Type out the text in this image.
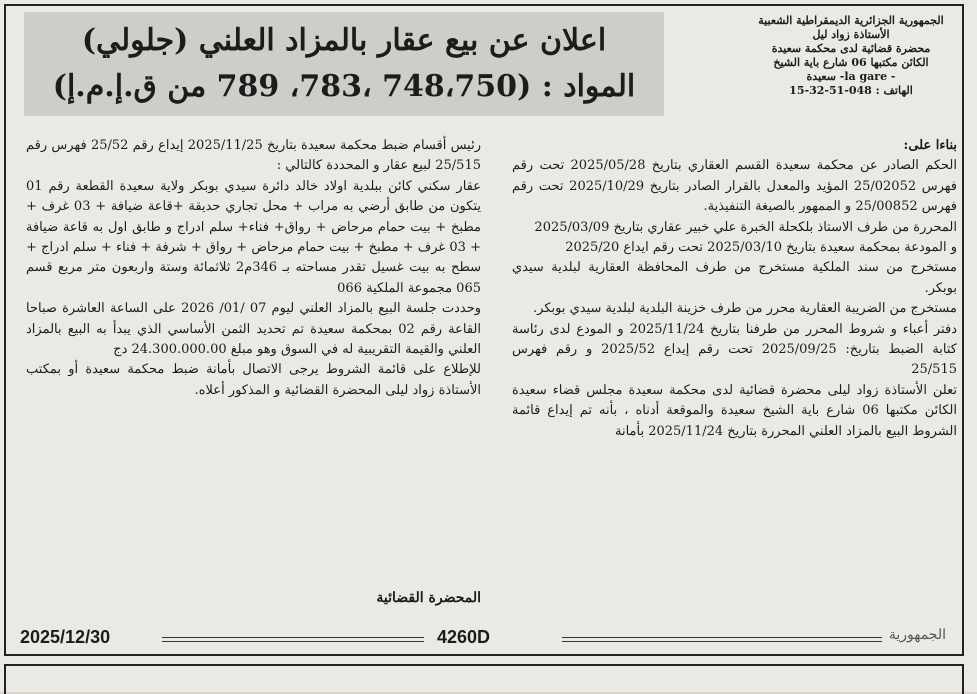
الجمهورية الجزائرية الديمقراطية الشعبية
الأستاذة زواد ليل
محضرة قضائية لدى محكمة سعيدة
الكائن مكتبها 06 شارع باية الشيخ
- la gare- سعيدة
الهاتف : 048-51-32-15
اعلان عن بيع عقار بالمزاد العلني (جلولي)
المواد : (748،750 ،783، 789 من ق.إ.م.إ)

بناءا على:

الحكم الصادر عن محكمة سعيدة القسم العقاري بتاريخ 2025/05/28 تحت رقم فهرس 25/02052 المؤيد والمعدل بالقرار الصادر بتاريخ 2025/10/29 تحت رقم فهرس 25/00852 و الممهور بالصيغة التنفيذية.

المحررة من طرف الاستاذ بلكحلة الخبرة علي خبير عقاري بتاريخ 2025/03/09

و المودعة بمحكمة سعيدة بتاريخ 2025/03/10 تحت رقم ايداع 2025/20

مستخرج من سند الملكية مستخرج من طرف المحافظة العقارية لبلدية سيدي بوبكر.

مستخرج من الضريبة العقارية محرر من طرف خزينة البلدية لبلدية سيدي بوبكر.

دفتر أعباء و شروط المحرر من طرفنا بتاريخ 2025/11/24 و المودع لدى رئاسة كتابة الضبط بتاريخ: 2025/09/25 تحت رقم إيداع 2025/52 و رقم فهرس 25/515

تعلن الأستاذة زواد ليلى محضرة قضائية لدى محكمة سعيدة مجلس قضاء سعيدة الكائن مكتبها 06 شارع باية الشيخ سعيدة والموقعة أدناه ، بأنه تم إيداع قائمة الشروط البيع بالمزاد العلني المحررة بتاريخ 2025/11/24 بأمانة

رئيس أقسام ضبط محكمة سعيدة بتاريخ 2025/11/25 إيداع رقم 25/52 فهرس رقم 25/515 لبيع عقار و المحددة كالتالي :

عقار سكني كائن ببلدية اولاد خالد دائرة سيدي بوبكر ولاية سعيدة القطعة رقم 01 يتكون من طابق أرضي به مراب + محل تجاري حديقة +قاعة ضيافة + 03 غرف + مطبخ + بيت حمام مرحاض + رواق+ فناء+ سلم ادراج و طابق اول به قاعة ضيافة + 03 غرف + مطبخ + بيت حمام مرحاض + رواق + شرفة + فناء + سلم ادراج + سطح به بيت غسيل تقدر مساحته بـ 346م2 ثلاثمائة وستة واربعون متر مربع قسم 065 مجموعة الملكية 066

وحددت جلسة البيع بالمزاد العلني ليوم 07 /01/ 2026 على الساعة العاشرة صباحا القاعة رقم 02 بمحكمة سعيدة تم تحديد الثمن الأساسي الذي يبدأ به البيع بالمزاد العلني والقيمة التقريبية له في السوق وهو مبلغ 24.300.000.00 دج

للإطلاع على قائمة الشروط يرجى الاتصال بأمانة ضبط محكمة سعيدة أو بمكتب الأستاذة زواد ليلى المحضرة القضائية و المذكور أعلاه.

المحضرة القضائية
2025/12/30	4260D	الجمهورية
